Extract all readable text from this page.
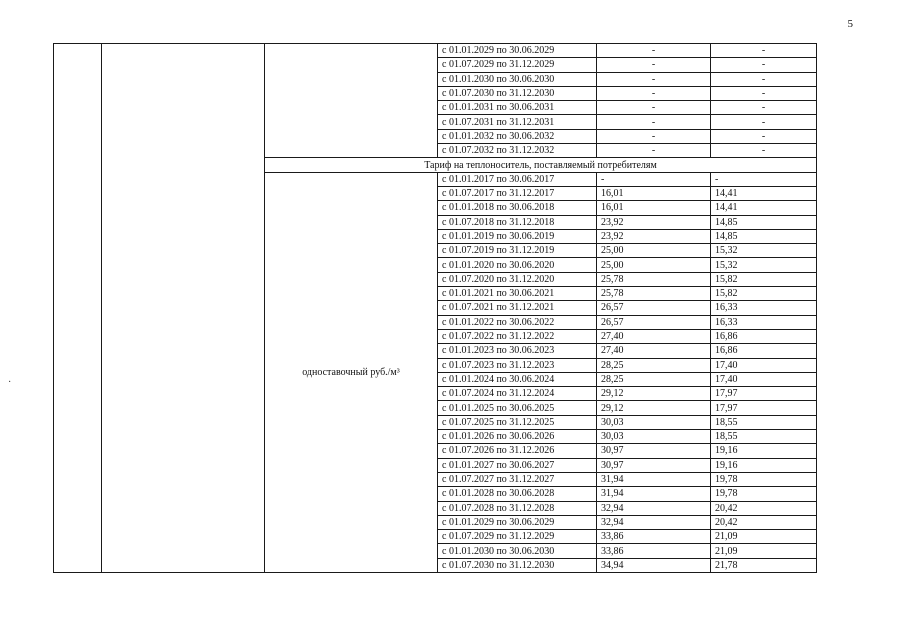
5
·
			с 01.01.2029 по 30.06.2029	-	-
			с 01.07.2029 по 31.12.2029	-	-
			с 01.01.2030 по 30.06.2030	-	-
			с 01.07.2030 по 31.12.2030	-	-
			с 01.01.2031 по 30.06.2031	-	-
			с 01.07.2031 по 31.12.2031	-	-
			с 01.01.2032 по 30.06.2032	-	-
			с 01.07.2032 по 31.12.2032	-	-
		Тариф на теплоноситель, поставляемый потребителям			
		одноставочный руб./м³	с 01.01.2017 по 30.06.2017	-	-
			с 01.07.2017 по 31.12.2017	16,01	14,41
			с 01.01.2018 по 30.06.2018	16,01	14,41
			с 01.07.2018 по 31.12.2018	23,92	14,85
			с 01.01.2019 по 30.06.2019	23,92	14,85
			с 01.07.2019 по 31.12.2019	25,00	15,32
			с 01.01.2020 по 30.06.2020	25,00	15,32
			с 01.07.2020 по 31.12.2020	25,78	15,82
			с 01.01.2021 по 30.06.2021	25,78	15,82
			с 01.07.2021 по 31.12.2021	26,57	16,33
			с 01.01.2022 по 30.06.2022	26,57	16,33
			с 01.07.2022 по 31.12.2022	27,40	16,86
			с 01.01.2023 по 30.06.2023	27,40	16,86
			с 01.07.2023 по 31.12.2023	28,25	17,40
			с 01.01.2024 по 30.06.2024	28,25	17,40
			с 01.07.2024 по 31.12.2024	29,12	17,97
			с 01.01.2025 по 30.06.2025	29,12	17,97
			с 01.07.2025 по 31.12.2025	30,03	18,55
			с 01.01.2026 по 30.06.2026	30,03	18,55
			с 01.07.2026 по 31.12.2026	30,97	19,16
			с 01.01.2027 по 30.06.2027	30,97	19,16
			с 01.07.2027 по 31.12.2027	31,94	19,78
			с 01.01.2028 по 30.06.2028	31,94	19,78
			с 01.07.2028 по 31.12.2028	32,94	20,42
			с 01.01.2029 по 30.06.2029	32,94	20,42
			с 01.07.2029 по 31.12.2029	33,86	21,09
			с 01.01.2030 по 30.06.2030	33,86	21,09
			с 01.07.2030 по 31.12.2030	34,94	21,78
